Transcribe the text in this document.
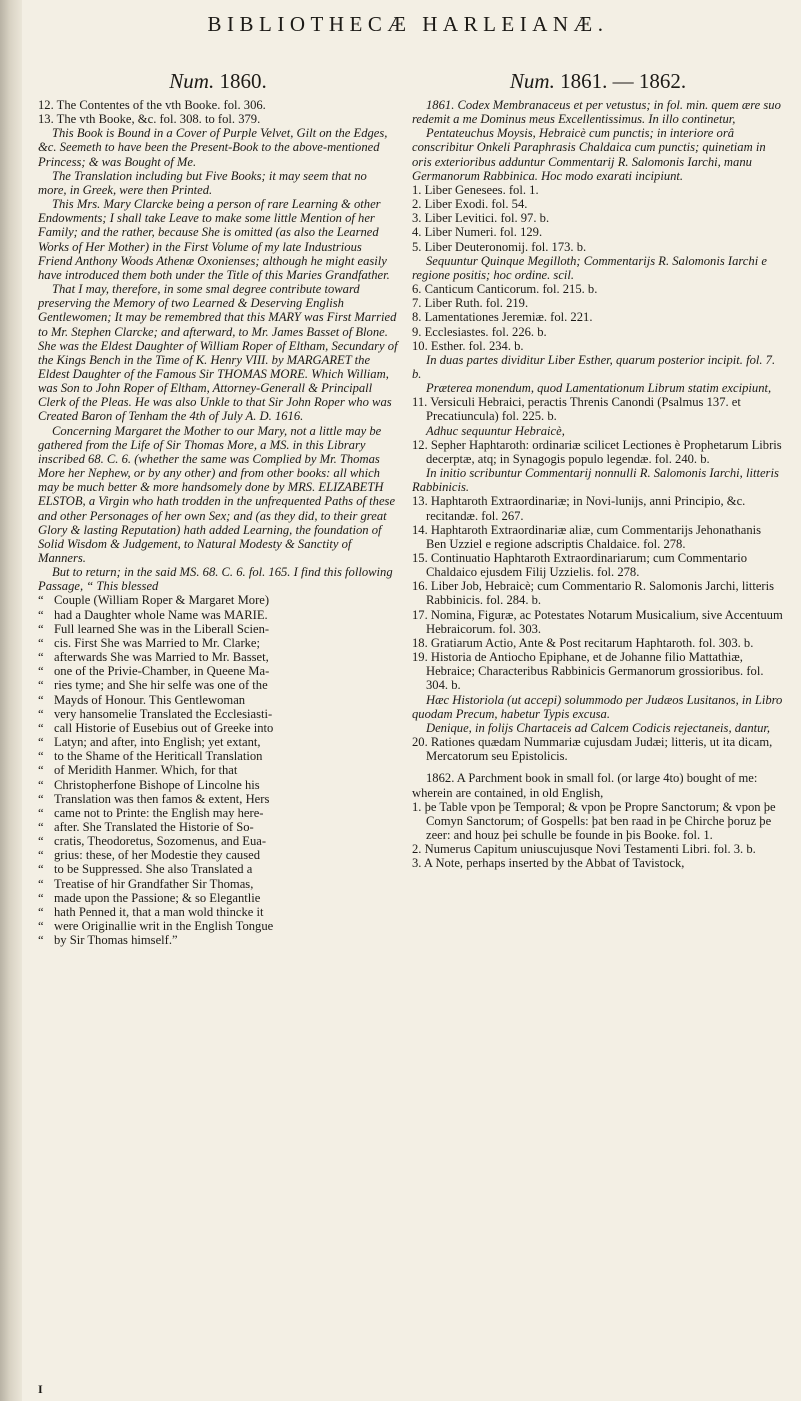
BIBLIOTHECÆ HARLEIANÆ.
Num. 1860.

12. The Contentes of the vth Booke. fol. 306.

13. The vth Booke, &c. fol. 308. to fol. 379.

This Book is Bound in a Cover of Purple Velvet, Gilt on the Edges, &c. Seemeth to have been the Present-Book to the above-mentioned Princess; & was Bought of Me.

The Translation including but Five Books; it may seem that no more, in Greek, were then Printed.

This Mrs. Mary Clarcke being a person of rare Learning & other Endowments; I shall take Leave to make some little Mention of her Family; and the rather, because She is omitted (as also the Learned Works of Her Mother) in the First Volume of my late Industrious Friend Anthony Woods Athenæ Oxonienses; although he might easily have introduced them both under the Title of this Maries Grandfather.

That I may, therefore, in some smal degree contribute toward preserving the Memory of two Learned & Deserving English Gentlewomen; It may be remembred that this MARY was First Married to Mr. Stephen Clarcke; and afterward, to Mr. James Basset of Blone. She was the Eldest Daughter of William Roper of Eltham, Secundary of the Kings Bench in the Time of K. Henry VIII. by MARGARET the Eldest Daughter of the Famous Sir THOMAS MORE. Which William, was Son to John Roper of Eltham, Attorney-Generall & Principall Clerk of the Pleas. He was also Unkle to that Sir John Roper who was Created Baron of Tenham the 4th of July A. D. 1616.

Concerning Margaret the Mother to our Mary, not a little may be gathered from the Life of Sir Thomas More, a MS. in this Library inscribed 68. C. 6. (whether the same was Complied by Mr. Thomas More her Nephew, or by any other) and from other books: all which may be much better & more handsomely done by MRS. ELIZABETH ELSTOB, a Virgin who hath trodden in the unfrequented Paths of these and other Personages of her own Sex; and (as they did, to their great Glory & lasting Reputation) hath added Learning, the foundation of Solid Wisdom & Judgement, to Natural Modesty & Sanctity of Manners.

But to return; in the said MS. 68. C. 6. fol. 165. I find this following Passage, “ This blessed

“ Couple (William Roper & Margaret More)

“ had a Daughter whole Name was MARIE.

“ Full learned She was in the Liberall Scien-

“ cis. First She was Married to Mr. Clarke;

“ afterwards She was Married to Mr. Basset,

“ one of the Privie-Chamber, in Queene Ma-

“ ries tyme; and She hir selfe was one of the

“ Mayds of Honour. This Gentlewoman

“ very hansomelie Translated the Ecclesiasti-

“ call Historie of Eusebius out of Greeke into

“ Latyn; and after, into English; yet extant,

“ to the Shame of the Heriticall Translation

“ of Meridith Hanmer. Which, for that

“ Christopherfone Bishope of Lincolne his

“ Translation was then famos & extent, Hers

“ came not to Printe: the English may here-

“ after. She Translated the Historie of So-

“ cratis, Theodoretus, Sozomenus, and Eua-

“ grius: these, of her Modestie they caused

“ to be Suppressed. She also Translated a

“ Treatise of hir Grandfather Sir Thomas,

“ made upon the Passione; & so Elegantlie

“ hath Penned it, that a man wold thincke it

“ were Originallie writ in the English Tongue

“ by Sir Thomas himself.”

Num. 1861. — 1862.

1861. Codex Membranaceus et per vetustus; in fol. min. quem ære suo redemit a me Dominus meus Excellentissimus. In illo continetur,

Pentateuchus Moysis, Hebraicè cum punctis; in interiore orâ conscribitur Onkeli Paraphrasis Chaldaica cum punctis; quinetiam in oris exterioribus adduntur Commentarij R. Salomonis Iarchi, manu Germanorum Rabbinica. Hoc modo exarati incipiunt.

1. Liber Genesees. fol. 1.

2. Liber Exodi. fol. 54.

3. Liber Levitici. fol. 97. b.

4. Liber Numeri. fol. 129.

5. Liber Deuteronomij. fol. 173. b.

Sequuntur Quinque Megilloth; Commentarijs R. Salomonis Iarchi e regione positis; hoc ordine. scil.

6. Canticum Canticorum. fol. 215. b.

7. Liber Ruth. fol. 219.

8. Lamentationes Jeremiæ. fol. 221.

9. Ecclesiastes. fol. 226. b.

10. Esther. fol. 234. b.

In duas partes dividitur Liber Esther, quarum posterior incipit. fol. 7. b.

Præterea monendum, quod Lamentationum Librum statim excipiunt,

11. Versiculi Hebraici, peractis Threnis Canondi (Psalmus 137. et Precatiuncula) fol. 225. b.

Adhuc sequuntur Hebraicè,

12. Sepher Haphtaroth: ordinariæ scilicet Lectiones è Prophetarum Libris decerptæ, atq; in Synagogis populo legendæ. fol. 240. b.

In initio scribuntur Commentarij nonnulli R. Salomonis Iarchi, litteris Rabbinicis.

13. Haphtaroth Extraordinariæ; in Novi-lunijs, anni Principio, &c. recitandæ. fol. 267.

14. Haphtaroth Extraordinariæ aliæ, cum Commentarijs Jehonathanis Ben Uzziel e regione adscriptis Chaldaice. fol. 278.

15. Continuatio Haphtaroth Extraordinariarum; cum Commentario Chaldaico ejusdem Filij Uzzielis. fol. 278.

16. Liber Job, Hebraicè; cum Commentario R. Salomonis Jarchi, litteris Rabbinicis. fol. 284. b.

17. Nomina, Figuræ, ac Potestates Notarum Musicalium, sive Accentuum Hebraicorum. fol. 303.

18. Gratiarum Actio, Ante & Post recitarum Haphtaroth. fol. 303. b.

19. Historia de Antiocho Epiphane, et de Johanne filio Mattathiæ, Hebraice; Characteribus Rabbinicis Germanorum grossioribus. fol. 304. b.

Hæc Historiola (ut accepi) solummodo per Judæos Lusitanos, in Libro quodam Precum, habetur Typis excusa.

Denique, in folijs Chartaceis ad Calcem Codicis rejectaneis, dantur,

20. Rationes quædam Nummariæ cujusdam Judæi; litteris, ut ita dicam, Mercatorum seu Epistolicis.

1862. A Parchment book in small fol. (or large 4to) bought of me: wherein are contained, in old English,

1. þe Table vpon þe Temporal; & vpon þe Propre Sanctorum; & vpon þe Comyn Sanctorum; of Gospells: þat ben raad in þe Chirche þoruz þe zeer: and houz þei schulle be founde in þis Booke. fol. 1.

2. Numerus Capitum uniuscujusque Novi Testamenti Libri. fol. 3. b.

3. A Note, perhaps inserted by the Abbat of Tavistock,

I
